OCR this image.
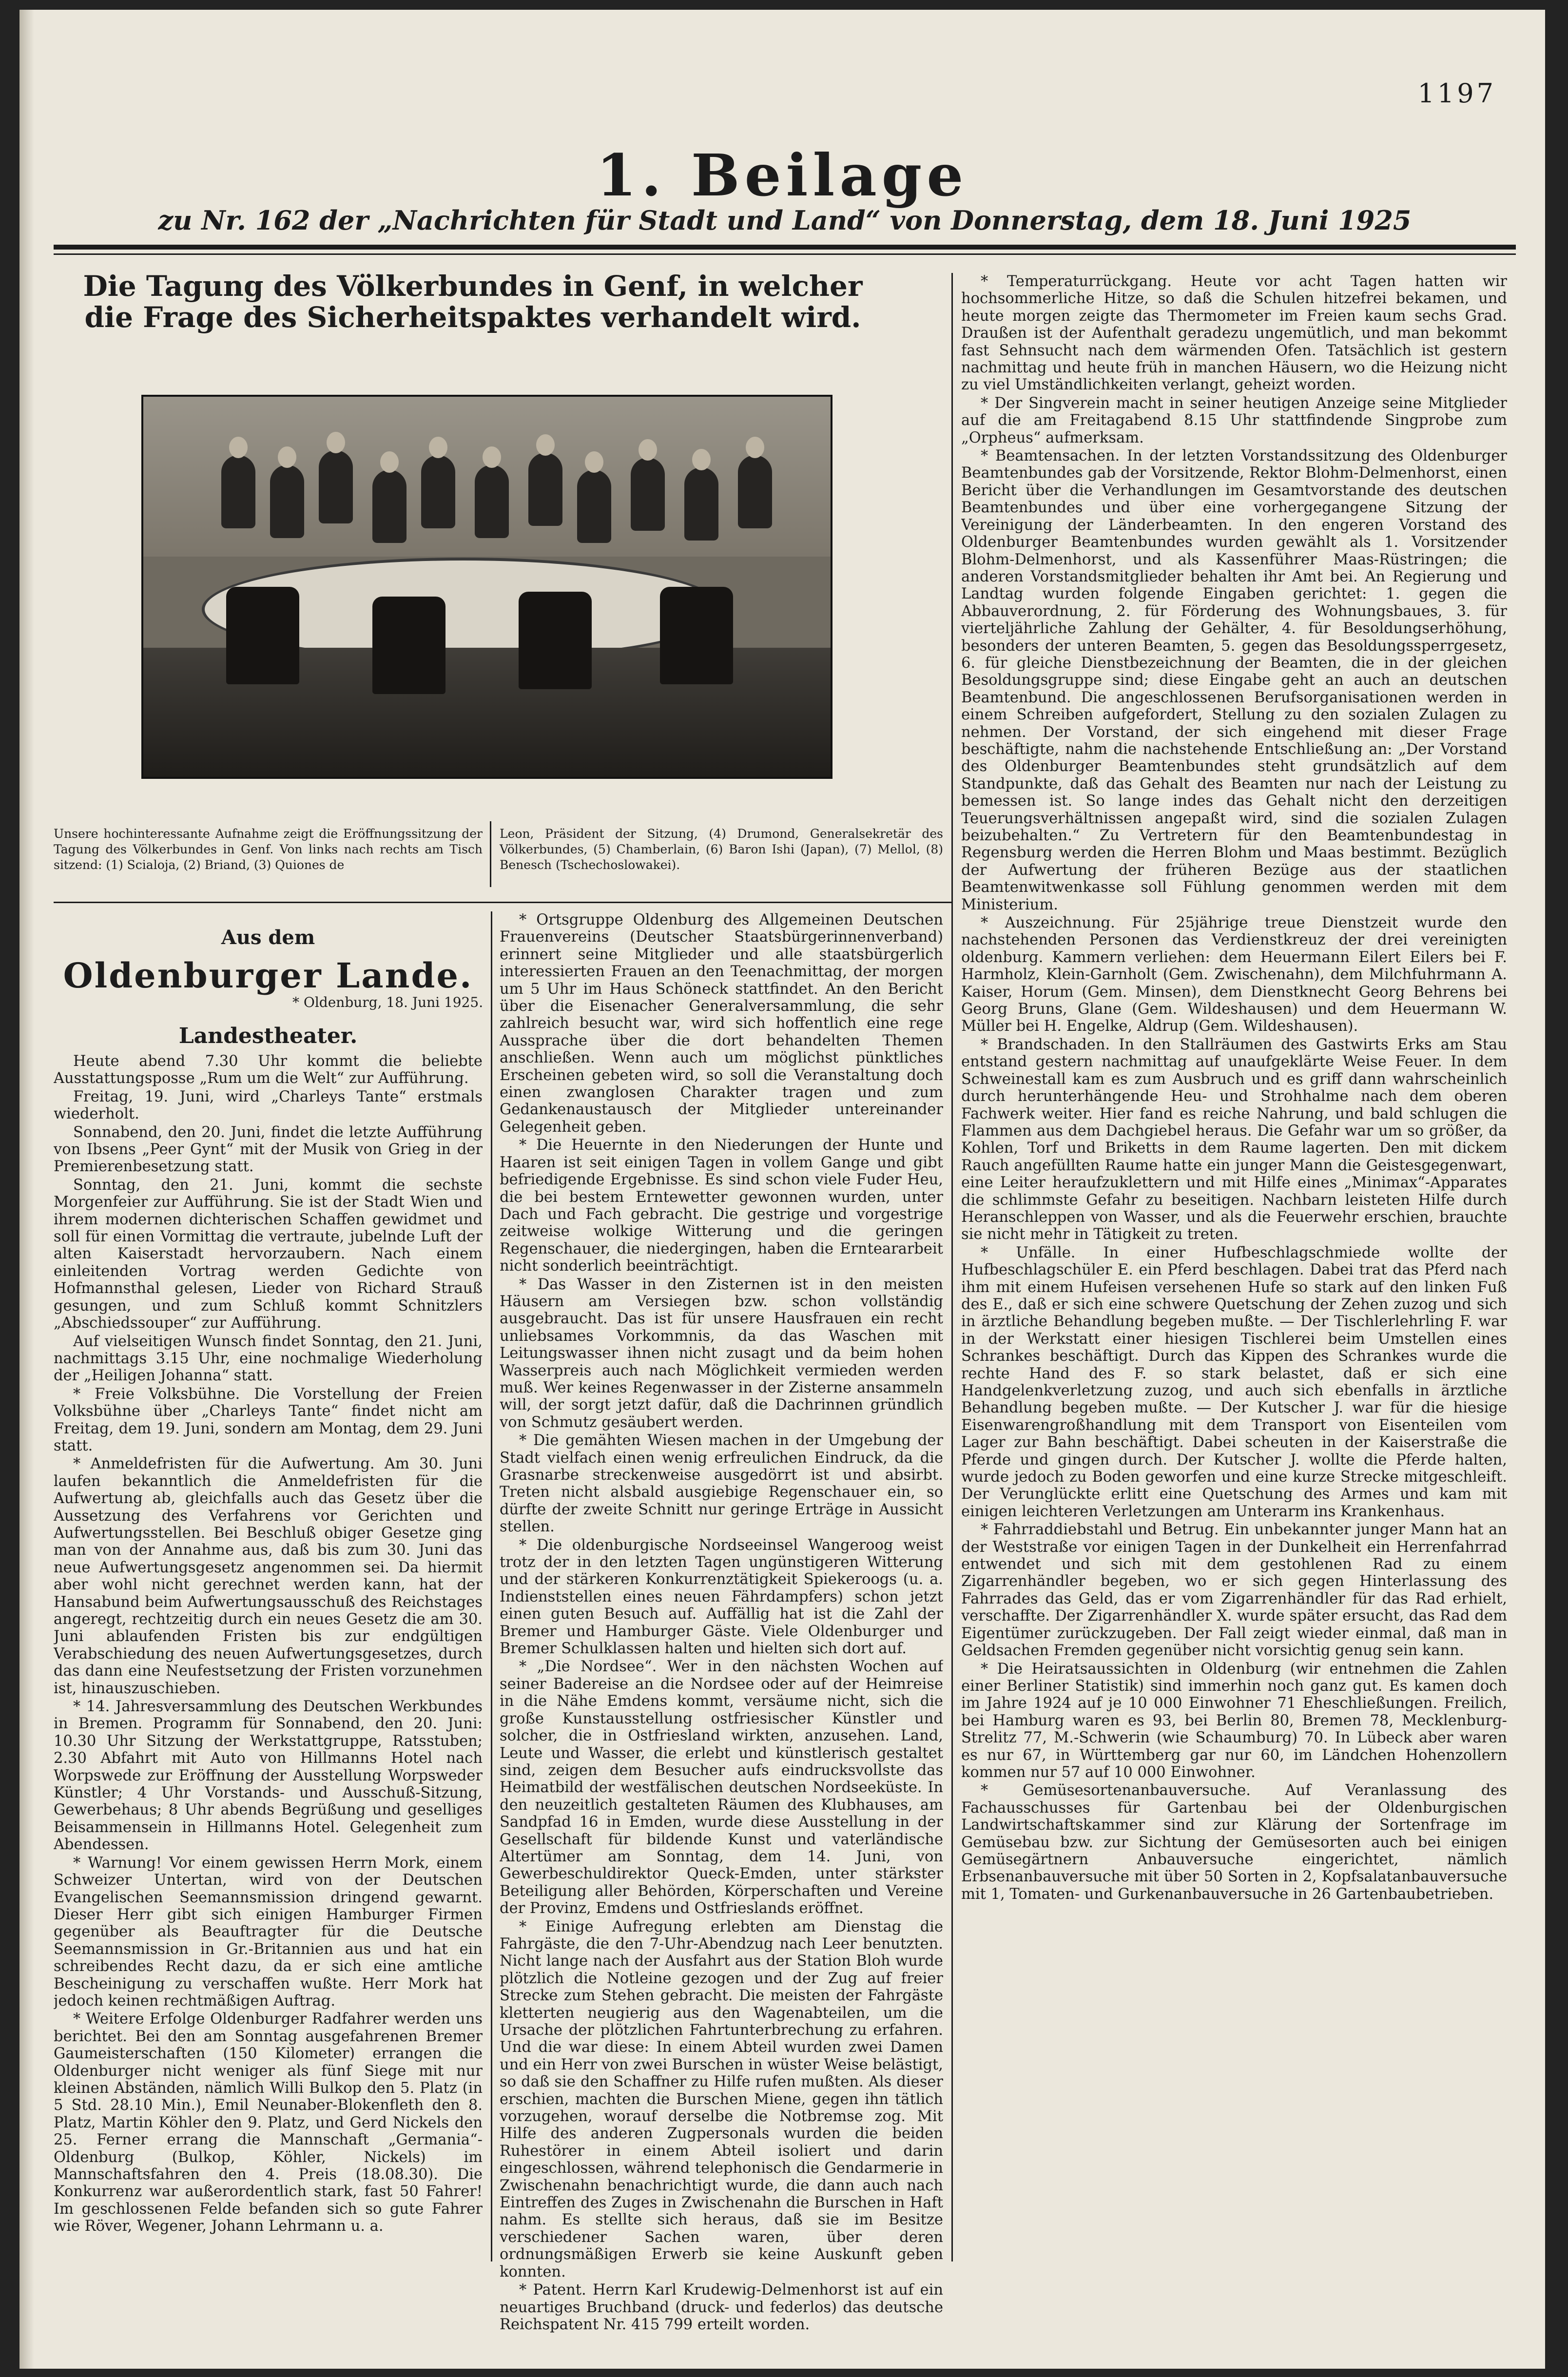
1197
1. Beilage
zu Nr. 162 der „Nachrichten für Stadt und Land“ von Donnerstag, dem 18. Juni 1925
Die Tagung des Völkerbundes in Genf, in welcher die Frage des Sicherheitspaktes verhandelt wird.
Unsere hochinteressante Aufnahme zeigt die Eröffnungssitzung der Tagung des Völkerbundes in Genf. Von links nach rechts am Tisch sitzend: (1) Scialoja, (2) Briand, (3) Quiones de
Leon, Präsident der Sitzung, (4) Drumond, Generalsekretär des Völkerbundes, (5) Chamberlain, (6) Baron Ishi (Japan), (7) Mellol, (8) Benesch (Tschechoslowakei).
Aus dem
Oldenburger Lande.
* Oldenburg, 18. Juni 1925.
Landestheater.

Heute abend 7.30 Uhr kommt die beliebte Ausstattungsposse „Rum um die Welt“ zur Aufführung.

Freitag, 19. Juni, wird „Charleys Tante“ erstmals wiederholt.

Sonnabend, den 20. Juni, findet die letzte Aufführung von Ibsens „Peer Gynt“ mit der Musik von Grieg in der Premierenbesetzung statt.

Sonntag, den 21. Juni, kommt die sechste Morgenfeier zur Aufführung. Sie ist der Stadt Wien und ihrem modernen dichterischen Schaffen gewidmet und soll für einen Vormittag die vertraute, jubelnde Luft der alten Kaiserstadt hervorzaubern. Nach einem einleitenden Vortrag werden Gedichte von Hofmannsthal gelesen, Lieder von Richard Strauß gesungen, und zum Schluß kommt Schnitzlers „Abschiedssouper“ zur Aufführung.

Auf vielseitigen Wunsch findet Sonntag, den 21. Juni, nachmittags 3.15 Uhr, eine nochmalige Wiederholung der „Heiligen Johanna“ statt.

* Freie Volksbühne. Die Vorstellung der Freien Volksbühne über „Charleys Tante“ findet nicht am Freitag, dem 19. Juni, sondern am Montag, dem 29. Juni statt.

* Anmeldefristen für die Aufwertung. Am 30. Juni laufen bekanntlich die Anmeldefristen für die Aufwertung ab, gleichfalls auch das Gesetz über die Aussetzung des Verfahrens vor Gerichten und Aufwertungsstellen. Bei Beschluß obiger Gesetze ging man von der Annahme aus, daß bis zum 30. Juni das neue Aufwertungsgesetz angenommen sei. Da hiermit aber wohl nicht gerechnet werden kann, hat der Hansabund beim Aufwertungsausschuß des Reichstages angeregt, rechtzeitig durch ein neues Gesetz die am 30. Juni ablaufenden Fristen bis zur endgültigen Verabschiedung des neuen Aufwertungsgesetzes, durch das dann eine Neufestsetzung der Fristen vorzunehmen ist, hinauszuschieben.

* 14. Jahresversammlung des Deutschen Werkbundes in Bremen. Programm für Sonnabend, den 20. Juni: 10.30 Uhr Sitzung der Werkstattgruppe, Ratsstuben; 2.30 Abfahrt mit Auto von Hillmanns Hotel nach Worpswede zur Eröffnung der Ausstellung Worpsweder Künstler; 4 Uhr Vorstands- und Ausschuß-Sitzung, Gewerbehaus; 8 Uhr abends Begrüßung und geselliges Beisammensein in Hillmanns Hotel. Gelegenheit zum Abendessen.

* Warnung! Vor einem gewissen Herrn Mork, einem Schweizer Untertan, wird von der Deutschen Evangelischen Seemannsmission dringend gewarnt. Dieser Herr gibt sich einigen Hamburger Firmen gegenüber als Beauftragter für die Deutsche Seemannsmission in Gr.-Britannien aus und hat ein schreibendes Recht dazu, da er sich eine amtliche Bescheinigung zu verschaffen wußte. Herr Mork hat jedoch keinen rechtmäßigen Auftrag.

* Weitere Erfolge Oldenburger Radfahrer werden uns berichtet. Bei den am Sonntag ausgefahrenen Bremer Gaumeisterschaften (150 Kilometer) errangen die Oldenburger nicht weniger als fünf Siege mit nur kleinen Abständen, nämlich Willi Bulkop den 5. Platz (in 5 Std. 28.10 Min.), Emil Neunaber-Blokenfleth den 8. Platz, Martin Köhler den 9. Platz, und Gerd Nickels den 25. Ferner errang die Mannschaft „Germania“-Oldenburg (Bulkop, Köhler, Nickels) im Mannschaftsfahren den 4. Preis (18.08.30). Die Konkurrenz war außerordentlich stark, fast 50 Fahrer! Im geschlossenen Felde befanden sich so gute Fahrer wie Röver, Wegener, Johann Lehrmann u. a.

* Ortsgruppe Oldenburg des Allgemeinen Deutschen Frauenvereins (Deutscher Staatsbürgerinnenverband) erinnert seine Mitglieder und alle staatsbürgerlich interessierten Frauen an den Teenachmittag, der morgen um 5 Uhr im Haus Schöneck stattfindet. An den Bericht über die Eisenacher Generalversammlung, die sehr zahlreich besucht war, wird sich hoffentlich eine rege Aussprache über die dort behandelten Themen anschließen. Wenn auch um möglichst pünktliches Erscheinen gebeten wird, so soll die Veranstaltung doch einen zwanglosen Charakter tragen und zum Gedankenaustausch der Mitglieder untereinander Gelegenheit geben.

* Die Heuernte in den Niederungen der Hunte und Haaren ist seit einigen Tagen in vollem Gange und gibt befriedigende Ergebnisse. Es sind schon viele Fuder Heu, die bei bestem Erntewetter gewonnen wurden, unter Dach und Fach gebracht. Die gestrige und vorgestrige zeitweise wolkige Witterung und die geringen Regenschauer, die niedergingen, haben die Ernteararbeit nicht sonderlich beeinträchtigt.

* Das Wasser in den Zisternen ist in den meisten Häusern am Versiegen bzw. schon vollständig ausgebraucht. Das ist für unsere Hausfrauen ein recht unliebsames Vorkommnis, da das Waschen mit Leitungswasser ihnen nicht zusagt und da beim hohen Wasserpreis auch nach Möglichkeit vermieden werden muß. Wer keines Regenwasser in der Zisterne ansammeln will, der sorgt jetzt dafür, daß die Dachrinnen gründlich von Schmutz gesäubert werden.

* Die gemähten Wiesen machen in der Umgebung der Stadt vielfach einen wenig erfreulichen Eindruck, da die Grasnarbe streckenweise ausgedörrt ist und absirbt. Treten nicht alsbald ausgiebige Regenschauer ein, so dürfte der zweite Schnitt nur geringe Erträge in Aussicht stellen.

* Die oldenburgische Nordseeinsel Wangeroog weist trotz der in den letzten Tagen ungünstigeren Witterung und der stärkeren Konkurrenztätigkeit Spiekeroogs (u. a. Indienststellen eines neuen Fährdampfers) schon jetzt einen guten Besuch auf. Auffällig hat ist die Zahl der Bremer und Hamburger Gäste. Viele Oldenburger und Bremer Schulklassen halten und hielten sich dort auf.

* „Die Nordsee“. Wer in den nächsten Wochen auf seiner Badereise an die Nordsee oder auf der Heimreise in die Nähe Emdens kommt, versäume nicht, sich die große Kunstausstellung ostfriesischer Künstler und solcher, die in Ostfriesland wirkten, anzusehen. Land, Leute und Wasser, die erlebt und künstlerisch gestaltet sind, zeigen dem Besucher aufs eindrucksvollste das Heimatbild der westfälischen deutschen Nordseeküste. In den neuzeitlich gestalteten Räumen des Klubhauses, am Sandpfad 16 in Emden, wurde diese Ausstellung in der Gesellschaft für bildende Kunst und vaterländische Altertümer am Sonntag, dem 14. Juni, von Gewerbeschuldirektor Queck-Emden, unter stärkster Beteiligung aller Behörden, Körperschaften und Vereine der Provinz, Emdens und Ostfrieslands eröffnet.

* Einige Aufregung erlebten am Dienstag die Fahrgäste, die den 7-Uhr-Abendzug nach Leer benutzten. Nicht lange nach der Ausfahrt aus der Station Bloh wurde plötzlich die Notleine gezogen und der Zug auf freier Strecke zum Stehen gebracht. Die meisten der Fahrgäste kletterten neugierig aus den Wagenabteilen, um die Ursache der plötzlichen Fahrtunterbrechung zu erfahren. Und die war diese: In einem Abteil wurden zwei Damen und ein Herr von zwei Burschen in wüster Weise belästigt, so daß sie den Schaffner zu Hilfe rufen mußten. Als dieser erschien, machten die Burschen Miene, gegen ihn tätlich vorzugehen, worauf derselbe die Notbremse zog. Mit Hilfe des anderen Zugpersonals wurden die beiden Ruhestörer in einem Abteil isoliert und darin eingeschlossen, während telephonisch die Gendarmerie in Zwischenahn benachrichtigt wurde, die dann auch nach Eintreffen des Zuges in Zwischenahn die Burschen in Haft nahm. Es stellte sich heraus, daß sie im Besitze verschiedener Sachen waren, über deren ordnungsmäßigen Erwerb sie keine Auskunft geben konnten.

* Patent. Herrn Karl Krudewig-Delmenhorst ist auf ein neuartiges Bruchband (druck- und federlos) das deutsche Reichspatent Nr. 415 799 erteilt worden.

* Temperaturrückgang. Heute vor acht Tagen hatten wir hochsommerliche Hitze, so daß die Schulen hitzefrei bekamen, und heute morgen zeigte das Thermometer im Freien kaum sechs Grad. Draußen ist der Aufenthalt geradezu ungemütlich, und man bekommt fast Sehnsucht nach dem wärmenden Ofen. Tatsächlich ist gestern nachmittag und heute früh in manchen Häusern, wo die Heizung nicht zu viel Umständlichkeiten verlangt, geheizt worden.

* Der Singverein macht in seiner heutigen Anzeige seine Mitglieder auf die am Freitagabend 8.15 Uhr stattfindende Singprobe zum „Orpheus“ aufmerksam.

* Beamtensachen. In der letzten Vorstandssitzung des Oldenburger Beamtenbundes gab der Vorsitzende, Rektor Blohm-Delmenhorst, einen Bericht über die Verhandlungen im Gesamtvorstande des deutschen Beamtenbundes und über eine vorhergegangene Sitzung der Vereinigung der Länderbeamten. In den engeren Vorstand des Oldenburger Beamtenbundes wurden gewählt als 1. Vorsitzender Blohm-Delmenhorst, und als Kassenführer Maas-Rüstringen; die anderen Vorstandsmitglieder behalten ihr Amt bei. An Regierung und Landtag wurden folgende Eingaben gerichtet: 1. gegen die Abbauverordnung, 2. für Förderung des Wohnungsbaues, 3. für vierteljährliche Zahlung der Gehälter, 4. für Besoldungserhöhung, besonders der unteren Beamten, 5. gegen das Besoldungssperrgesetz, 6. für gleiche Dienstbezeichnung der Beamten, die in der gleichen Besoldungsgruppe sind; diese Eingabe geht an auch an deutschen Beamtenbund. Die angeschlossenen Berufsorganisationen werden in einem Schreiben aufgefordert, Stellung zu den sozialen Zulagen zu nehmen. Der Vorstand, der sich eingehend mit dieser Frage beschäftigte, nahm die nachstehende Entschließung an: „Der Vorstand des Oldenburger Beamtenbundes steht grundsätzlich auf dem Standpunkte, daß das Gehalt des Beamten nur nach der Leistung zu bemessen ist. So lange indes das Gehalt nicht den derzeitigen Teuerungsverhältnissen angepaßt wird, sind die sozialen Zulagen beizubehalten.“ Zu Vertretern für den Beamtenbundestag in Regensburg werden die Herren Blohm und Maas bestimmt. Bezüglich der Aufwertung der früheren Bezüge aus der staatlichen Beamtenwitwenkasse soll Fühlung genommen werden mit dem Ministerium.

* Auszeichnung. Für 25jährige treue Dienstzeit wurde den nachstehenden Personen das Verdienstkreuz der drei vereinigten oldenburg. Kammern verliehen: dem Heuermann Eilert Eilers bei F. Harmholz, Klein-Garnholt (Gem. Zwischenahn), dem Milchfuhrmann A. Kaiser, Horum (Gem. Minsen), dem Dienstknecht Georg Behrens bei Georg Bruns, Glane (Gem. Wildeshausen) und dem Heuermann W. Müller bei H. Engelke, Aldrup (Gem. Wildeshausen).

* Brandschaden. In den Stallräumen des Gastwirts Erks am Stau entstand gestern nachmittag auf unaufgeklärte Weise Feuer. In dem Schweinestall kam es zum Ausbruch und es griff dann wahrscheinlich durch herunterhängende Heu- und Strohhalme nach dem oberen Fachwerk weiter. Hier fand es reiche Nahrung, und bald schlugen die Flammen aus dem Dachgiebel heraus. Die Gefahr war um so größer, da Kohlen, Torf und Briketts in dem Raume lagerten. Den mit dickem Rauch angefüllten Raume hatte ein junger Mann die Geistesgegenwart, eine Leiter heraufzuklettern und mit Hilfe eines „Minimax“-Apparates die schlimmste Gefahr zu beseitigen. Nachbarn leisteten Hilfe durch Heranschleppen von Wasser, und als die Feuerwehr erschien, brauchte sie nicht mehr in Tätigkeit zu treten.

* Unfälle. In einer Hufbeschlagschmiede wollte der Hufbeschlagschüler E. ein Pferd beschlagen. Dabei trat das Pferd nach ihm mit einem Hufeisen versehenen Hufe so stark auf den linken Fuß des E., daß er sich eine schwere Quetschung der Zehen zuzog und sich in ärztliche Behandlung begeben mußte. — Der Tischlerlehrling F. war in der Werkstatt einer hiesigen Tischlerei beim Umstellen eines Schrankes beschäftigt. Durch das Kippen des Schrankes wurde die rechte Hand des F. so stark belastet, daß er sich eine Handgelenkverletzung zuzog, und auch sich ebenfalls in ärztliche Behandlung begeben mußte. — Der Kutscher J. war für die hiesige Eisenwarengroßhandlung mit dem Transport von Eisenteilen vom Lager zur Bahn beschäftigt. Dabei scheuten in der Kaiserstraße die Pferde und gingen durch. Der Kutscher J. wollte die Pferde halten, wurde jedoch zu Boden geworfen und eine kurze Strecke mitgeschleift. Der Verunglückte erlitt eine Quetschung des Armes und kam mit einigen leichteren Verletzungen am Unterarm ins Krankenhaus.

* Fahrraddiebstahl und Betrug. Ein unbekannter junger Mann hat an der Weststraße vor einigen Tagen in der Dunkelheit ein Herrenfahrrad entwendet und sich mit dem gestohlenen Rad zu einem Zigarrenhändler begeben, wo er sich gegen Hinterlassung des Fahrrades das Geld, das er vom Zigarrenhändler für das Rad erhielt, verschaffte. Der Zigarrenhändler X. wurde später ersucht, das Rad dem Eigentümer zurückzugeben. Der Fall zeigt wieder einmal, daß man in Geldsachen Fremden gegenüber nicht vorsichtig genug sein kann.

* Die Heiratsaussichten in Oldenburg (wir entnehmen die Zahlen einer Berliner Statistik) sind immerhin noch ganz gut. Es kamen doch im Jahre 1924 auf je 10 000 Einwohner 71 Eheschließungen. Freilich, bei Hamburg waren es 93, bei Berlin 80, Bremen 78, Mecklenburg-Strelitz 77, M.-Schwerin (wie Schaumburg) 70. In Lübeck aber waren es nur 67, in Württemberg gar nur 60, im Ländchen Hohenzollern kommen nur 57 auf 10 000 Einwohner.

* Gemüsesortenanbauversuche. Auf Veranlassung des Fachausschusses für Gartenbau bei der Oldenburgischen Landwirtschaftskammer sind zur Klärung der Sortenfrage im Gemüsebau bzw. zur Sichtung der Gemüsesorten auch bei einigen Gemüsegärtnern Anbauversuche eingerichtet, nämlich Erbsenanbauversuche mit über 50 Sorten in 2, Kopfsalatanbauversuche mit 1, Tomaten- und Gurkenanbauversuche in 26 Gartenbaubetrieben.
